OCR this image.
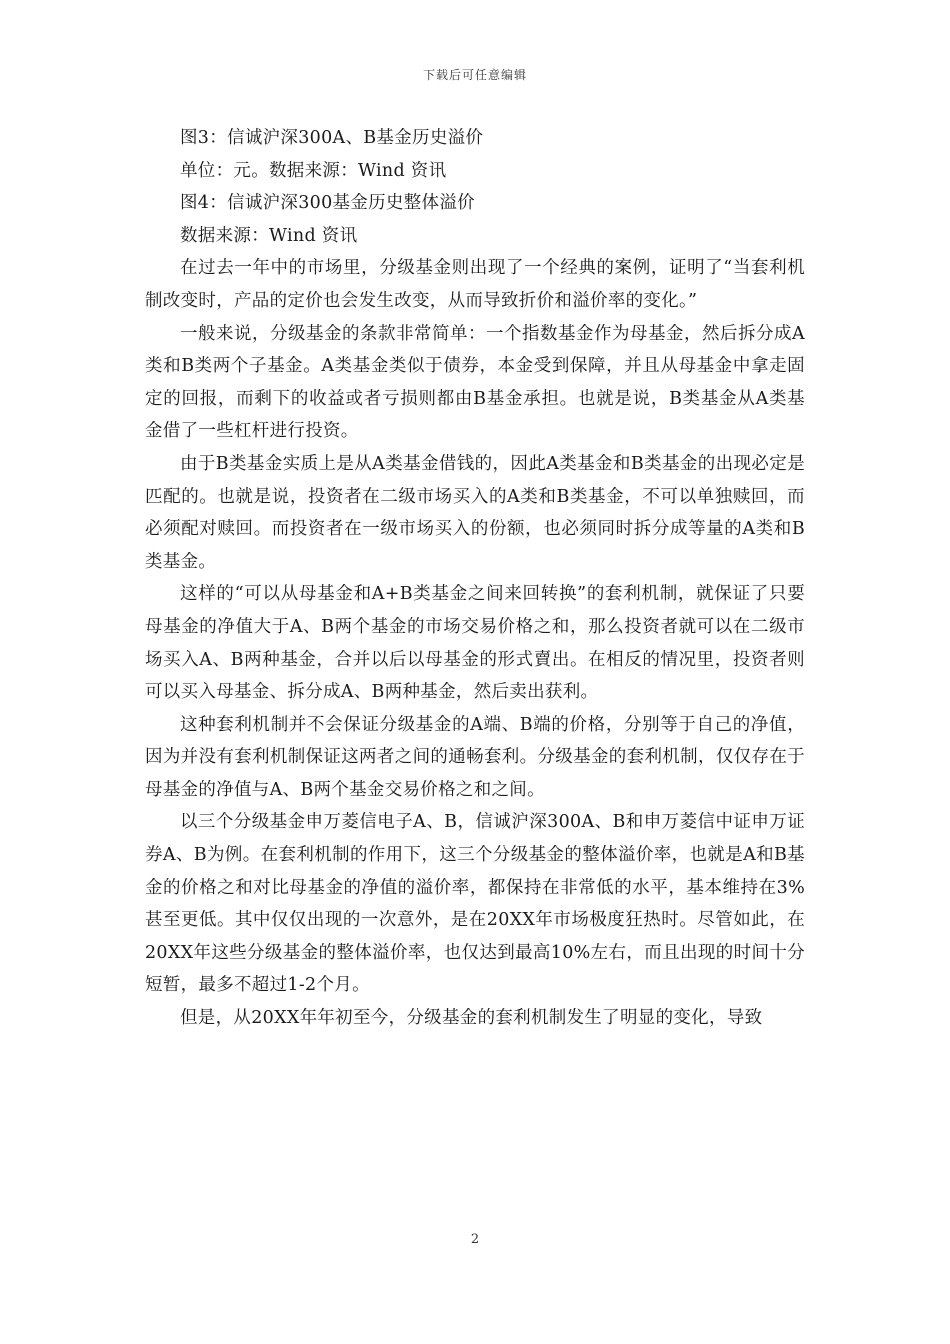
下载后可任意编辑

图3：信诚沪深300A、B基金历史溢价

单位：元。数据来源：Wind 资讯

图4：信诚沪深300基金历史整体溢价

数据来源：Wind 资讯

在过去一年中的市场里，分级基金则出现了一个经典的案例，证明了“当套利机制改变时，产品的定价也会发生改变，从而导致折价和溢价率的变化。”

一般来说，分级基金的条款非常简单：一个指数基金作为母基金，然后拆分成A类和B类两个子基金。A类基金类似于债券，本金受到保障，并且从母基金中拿走固定的回报，而剩下的收益或者亏损则都由B基金承担。也就是说，B类基金从A类基金借了一些杠杆进行投资。

由于B类基金实质上是从A类基金借钱的，因此A类基金和B类基金的出现必定是匹配的。也就是说，投资者在二级市场买入的A类和B类基金，不可以单独赎回，而必须配对赎回。而投资者在一级市场买入的份额，也必须同时拆分成等量的A类和B类基金。

这样的“可以从母基金和A+B类基金之间来回转换”的套利机制，就保证了只要母基金的净值大于A、B两个基金的市场交易价格之和，那么投资者就可以在二级市场买入A、B两种基金，合并以后以母基金的形式賣出。在相反的情况里，投资者则可以买入母基金、拆分成A、B两种基金，然后卖出获利。

这种套利机制并不会保证分级基金的A端、B端的价格，分别等于自己的净值，因为并没有套利机制保证这两者之间的通畅套利。分级基金的套利机制，仅仅存在于母基金的净值与A、B两个基金交易价格之和之间。

以三个分级基金申万菱信电子A、B，信诚沪深300A、B和申万菱信中证申万证券A、B为例。在套利机制的作用下，这三个分级基金的整体溢价率，也就是A和B基金的价格之和对比母基金的净值的溢价率，都保持在非常低的水平，基本维持在3%甚至更低。其中仅仅出现的一次意外，是在20XX年市场极度狂热时。尽管如此，在20XX年这些分级基金的整体溢价率，也仅达到最高10%左右，而且出现的时间十分短暂，最多不超过1-2个月。

但是，从20XX年年初至今，分级基金的套利机制发生了明显的变化，导致

2
